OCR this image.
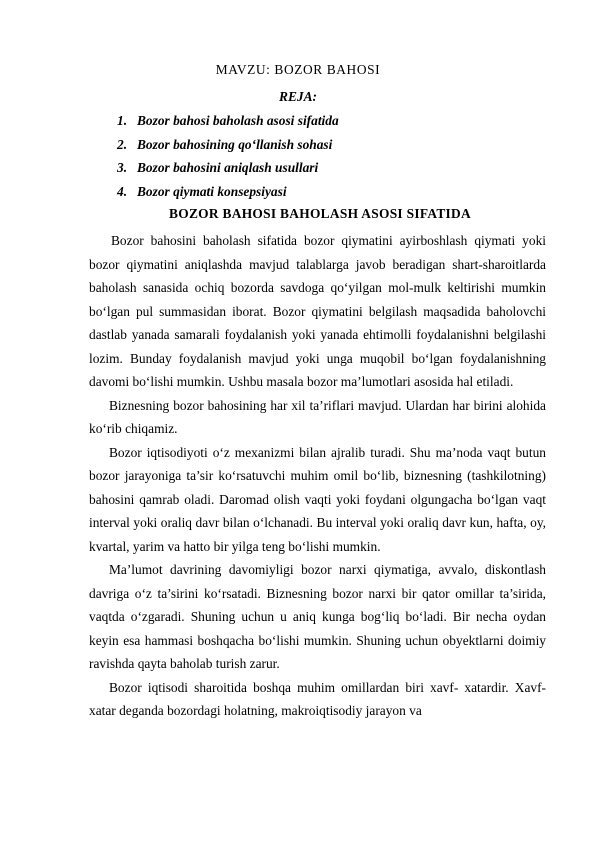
MAVZU: BOZOR BAHOSI
REJA:
1. Bozor bahosi baholash asosi sifatida
2. Bozor bahosining qo‘llanish sohasi
3. Bozor bahosini aniqlash usullari
4. Bozor qiymati konsepsiyasi
BOZOR BAHOSI BAHOLASH ASOSI SIFATIDA

Bozor bahosini baholash sifatida bozor qiymatini ayirboshlash qiymati yoki bozor qiymatini aniqlashda mavjud talablarga javob beradigan shart-sharoitlarda baholash sanasida ochiq bozorda savdoga qo‘yilgan mol-mulk keltirishi mumkin bo‘lgan pul summasidan iborat. Bozor qiymatini belgilash maqsadida baholovchi dastlab yanada samarali foydalanish yoki yanada ehtimolli foydalanishni belgilashi lozim. Bunday foydalanish mavjud yoki unga muqobil bo‘lgan foydalanishning davomi bo‘lishi mumkin. Ushbu masala bozor ma’lumotlari asosida hal etiladi.

Biznesning bozor bahosining har xil ta’riflari mavjud. Ulardan har birini alohida ko‘rib chiqamiz.

Bozor iqtisodiyoti o‘z mexanizmi bilan ajralib turadi. Shu ma’noda vaqt butun bozor jarayoniga ta’sir ko‘rsatuvchi muhim omil bo‘lib, biznesning (tashkilotning) bahosini qamrab oladi. Daromad olish vaqti yoki foydani olgungacha bo‘lgan vaqt interval yoki oraliq davr bilan o‘lchanadi. Bu interval yoki oraliq davr kun, hafta, oy, kvartal, yarim va hatto bir yilga teng bo‘lishi mumkin.

Ma’lumot davrining davomiyligi bozor narxi qiymatiga, avvalo, diskontlash davriga o‘z ta’sirini ko‘rsatadi. Biznesning bozor narxi bir qator omillar ta’sirida, vaqtda o‘zgaradi. Shuning uchun u aniq kunga bog‘liq bo‘ladi. Bir necha oydan keyin esa hammasi boshqacha bo‘lishi mumkin. Shuning uchun obyektlarni doimiy ravishda qayta baholab turish zarur.

Bozor iqtisodi sharoitida boshqa muhim omillardan biri xavf- xatardir. Xavf-xatar deganda bozordagi holatning, makroiqtisodiy jarayon va
